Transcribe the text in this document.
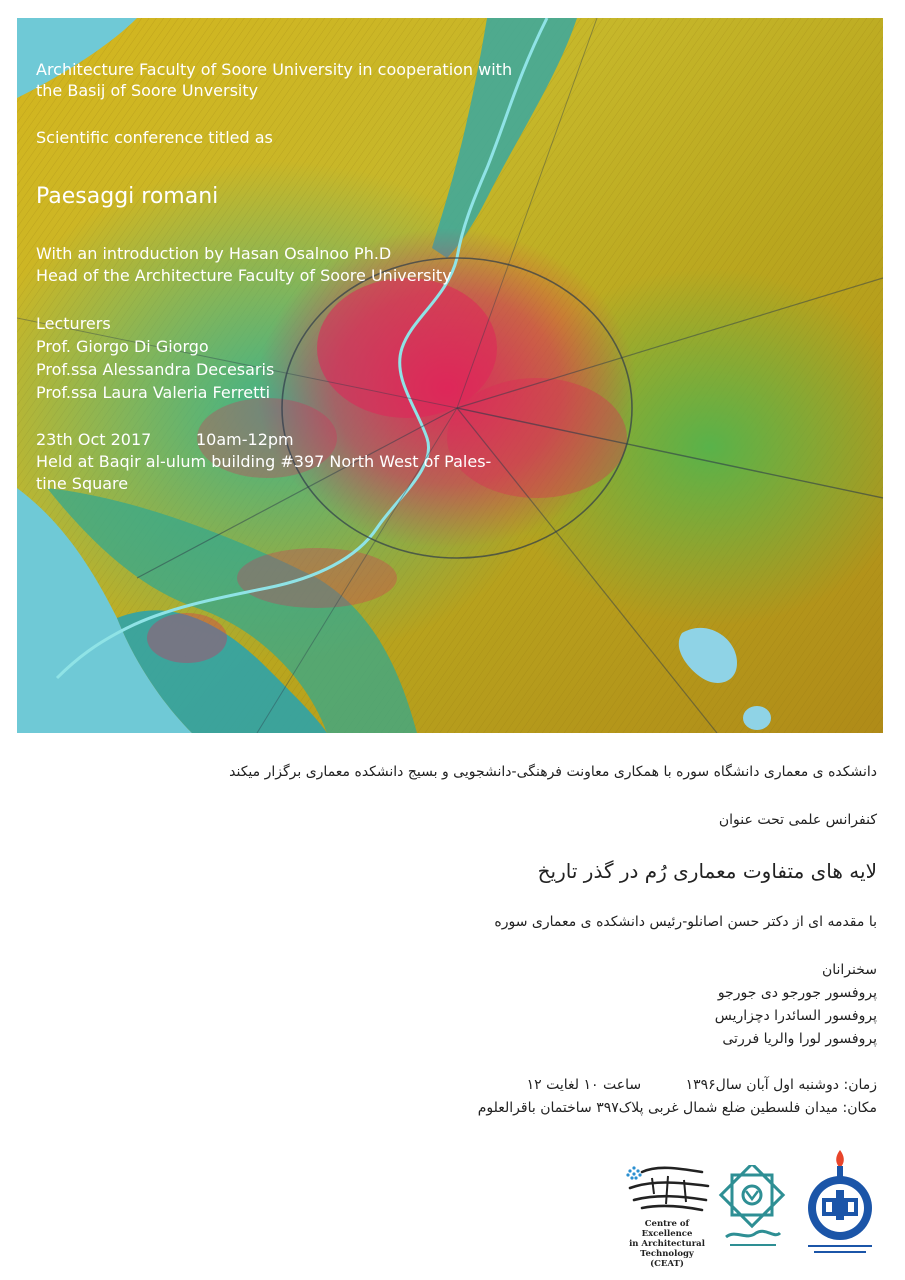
Architecture Faculty of Soore University in cooperation with
the Basij of Soore Unversity
Scientific conference titled as
Paesaggi romani
With an introduction by Hasan Osalnoo Ph.D
Head of the Architecture Faculty of Soore University
Lecturers
Prof. Giorgo Di Giorgo
Prof.ssa Alessandra Decesaris
Prof.ssa Laura Valeria Ferretti
23th Oct 2017	10am-12pm
Held at Baqir al-ulum building #397 North West of Pales-
tine Square
دانشکده ی معماری دانشگاه سوره با همکاری معاونت فرهنگی-دانشجویی و بسیج دانشکده معماری برگزار میکند
کنفرانس علمی تحت عنوان
لایه های متفاوت معماری رُم در گذر تاریخ
با مقدمه ای از دکتر حسن اصانلو-رئیس دانشکده ی معماری سوره
سخنرانان
پروفسور جورجو دی جورجو
پروفسور السائدرا دچزاریس
پروفسور لورا والریا فررتی
زمان: دوشنبه اول آبان سال۱۳۹۶          ساعت ۱۰ لغایت ۱۲
مکان: میدان فلسطین ضلع شمال غربی پلاک۳۹۷ ساختمان باقرالعلوم
Centre of Excellence
in Architectural
Technology (CEAT)
